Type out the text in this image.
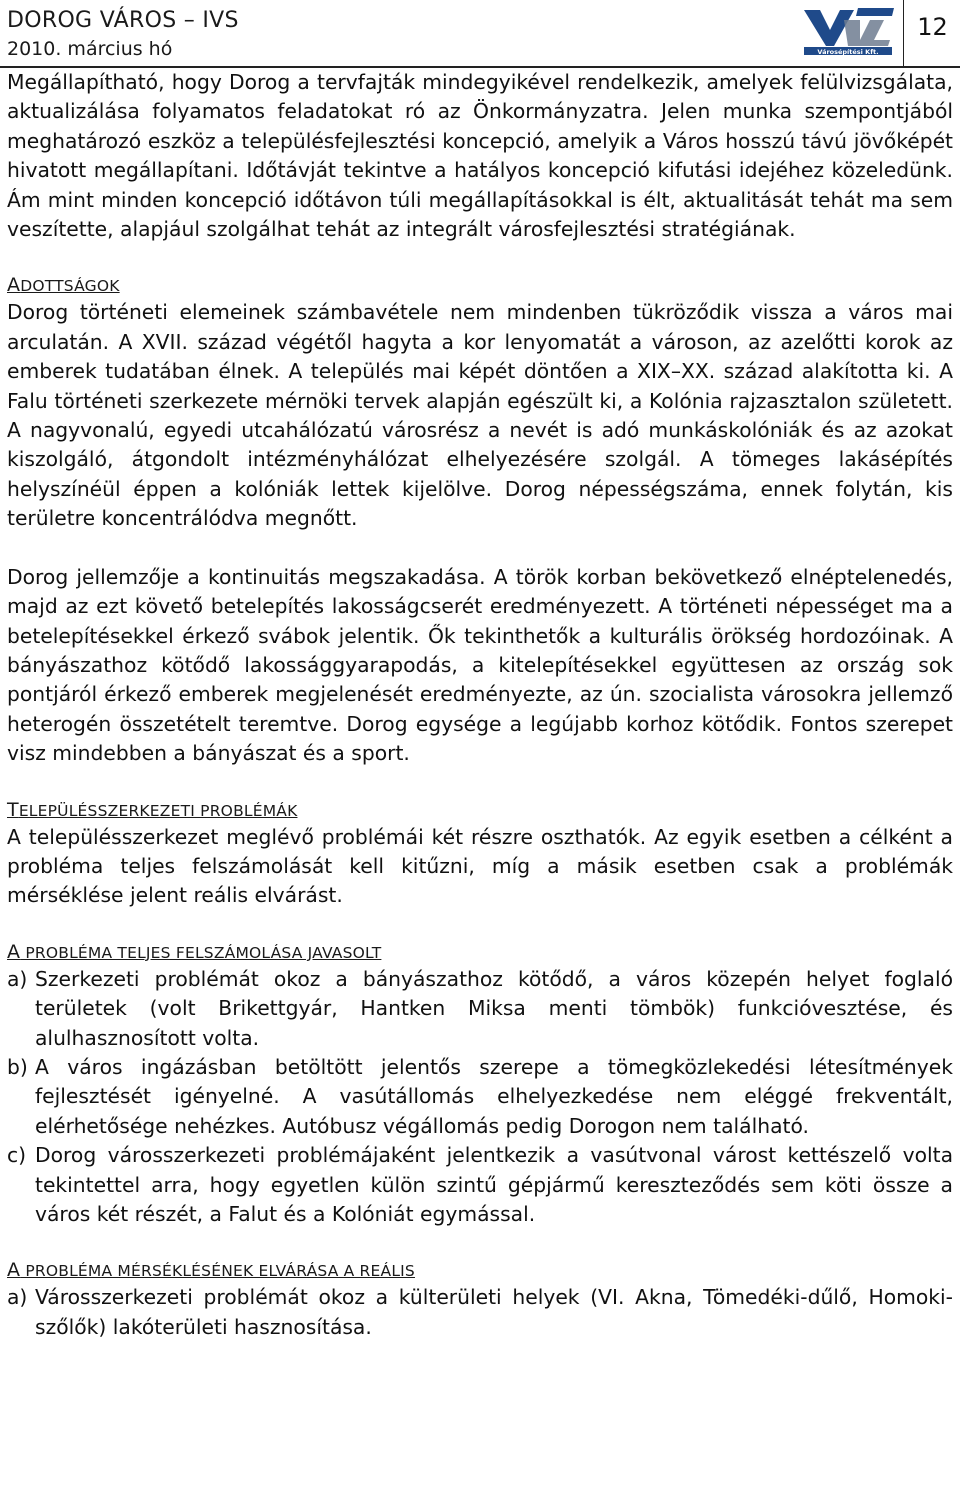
DOROG VÁROS – IVS
2010. március hó	Városépítési Kft.
12

Megállapítható, hogy Dorog a tervfajták mindegyikével rendelkezik, amelyek felülvizsgálata, aktualizálása folyamatos feladatokat ró az Önkormányzatra. Jelen munka szempontjából meghatározó eszköz a településfejlesztési koncepció, amelyik a Város hosszú távú jövőképét hivatott megállapítani. Időtávját tekintve a hatályos koncepció kifutási idejéhez közeledünk. Ám mint minden koncepció időtávon túli megállapításokkal is élt, aktualitását tehát ma sem veszítette, alapjául szolgálhat tehát az integrált városfejlesztési stratégiának.

ADOTTSÁGOK

Dorog történeti elemeinek számbavétele nem mindenben tükröződik vissza a város mai arculatán. A XVII. század végétől hagyta a kor lenyomatát a városon, az azelőtti korok az emberek tudatában élnek. A település mai képét döntően a XIX–XX. század alakította ki. A Falu történeti szerkezete mérnöki tervek alapján egészült ki, a Kolónia rajzasztalon született. A nagyvonalú, egyedi utcahálózatú városrész a nevét is adó munkáskolóniák és az azokat kiszolgáló, átgondolt intézményhálózat elhelyezésére szolgál. A tömeges lakásépítés helyszínéül éppen a kolóniák lettek kijelölve. Dorog népességszáma, ennek folytán, kis területre koncentrálódva megnőtt.

Dorog jellemzője a kontinuitás megszakadása. A török korban bekövetkező elnéptelenedés, majd az ezt követő betelepítés lakosságcserét eredményezett. A történeti népességet ma a betelepítésekkel érkező svábok jelentik. Ők tekinthetők a kulturális örökség hordozóinak. A bányászathoz kötődő lakossággyarapodás, a kitelepítésekkel együttesen az ország sok pontjáról érkező emberek megjelenését eredményezte, az ún. szocialista városokra jellemző heterogén összetételt teremtve. Dorog egysége a legújabb korhoz kötődik. Fontos szerepet visz mindebben a bányászat és a sport.

TELEPÜLÉSSZERKEZETI PROBLÉMÁK

A településszerkezet meglévő problémái két részre oszthatók. Az egyik esetben a célként a probléma teljes felszámolását kell kitűzni, míg a másik esetben csak a problémák mérséklése jelent reális elvárást.

A PROBLÉMA TELJES FELSZÁMOLÁSA JAVASOLT
a) Szerkezeti problémát okoz a bányászathoz kötődő, a város közepén helyet foglaló területek (volt Brikettgyár, Hantken Miksa menti tömbök) funkcióvesztése, és alulhasznosított volta.
b) A város ingázásban betöltött jelentős szerepe a tömegközlekedési létesítmények fejlesztését igényelné. A vasútállomás elhelyezkedése nem eléggé frekventált, elérhetősége nehézkes. Autóbusz végállomás pedig Dorogon nem található.
c) Dorog városszerkezeti problémájaként jelentkezik a vasútvonal várost kettészelő volta tekintettel arra, hogy egyetlen külön szintű gépjármű kereszteződés sem köti össze a város két részét, a Falut és a Kolóniát egymással.
A PROBLÉMA MÉRSÉKLÉSÉNEK ELVÁRÁSA A REÁLIS
a) Városszerkezeti problémát okoz a külterületi helyek (VI. Akna, Tömedéki-dűlő, Homoki-szőlők) lakóterületi hasznosítása.
